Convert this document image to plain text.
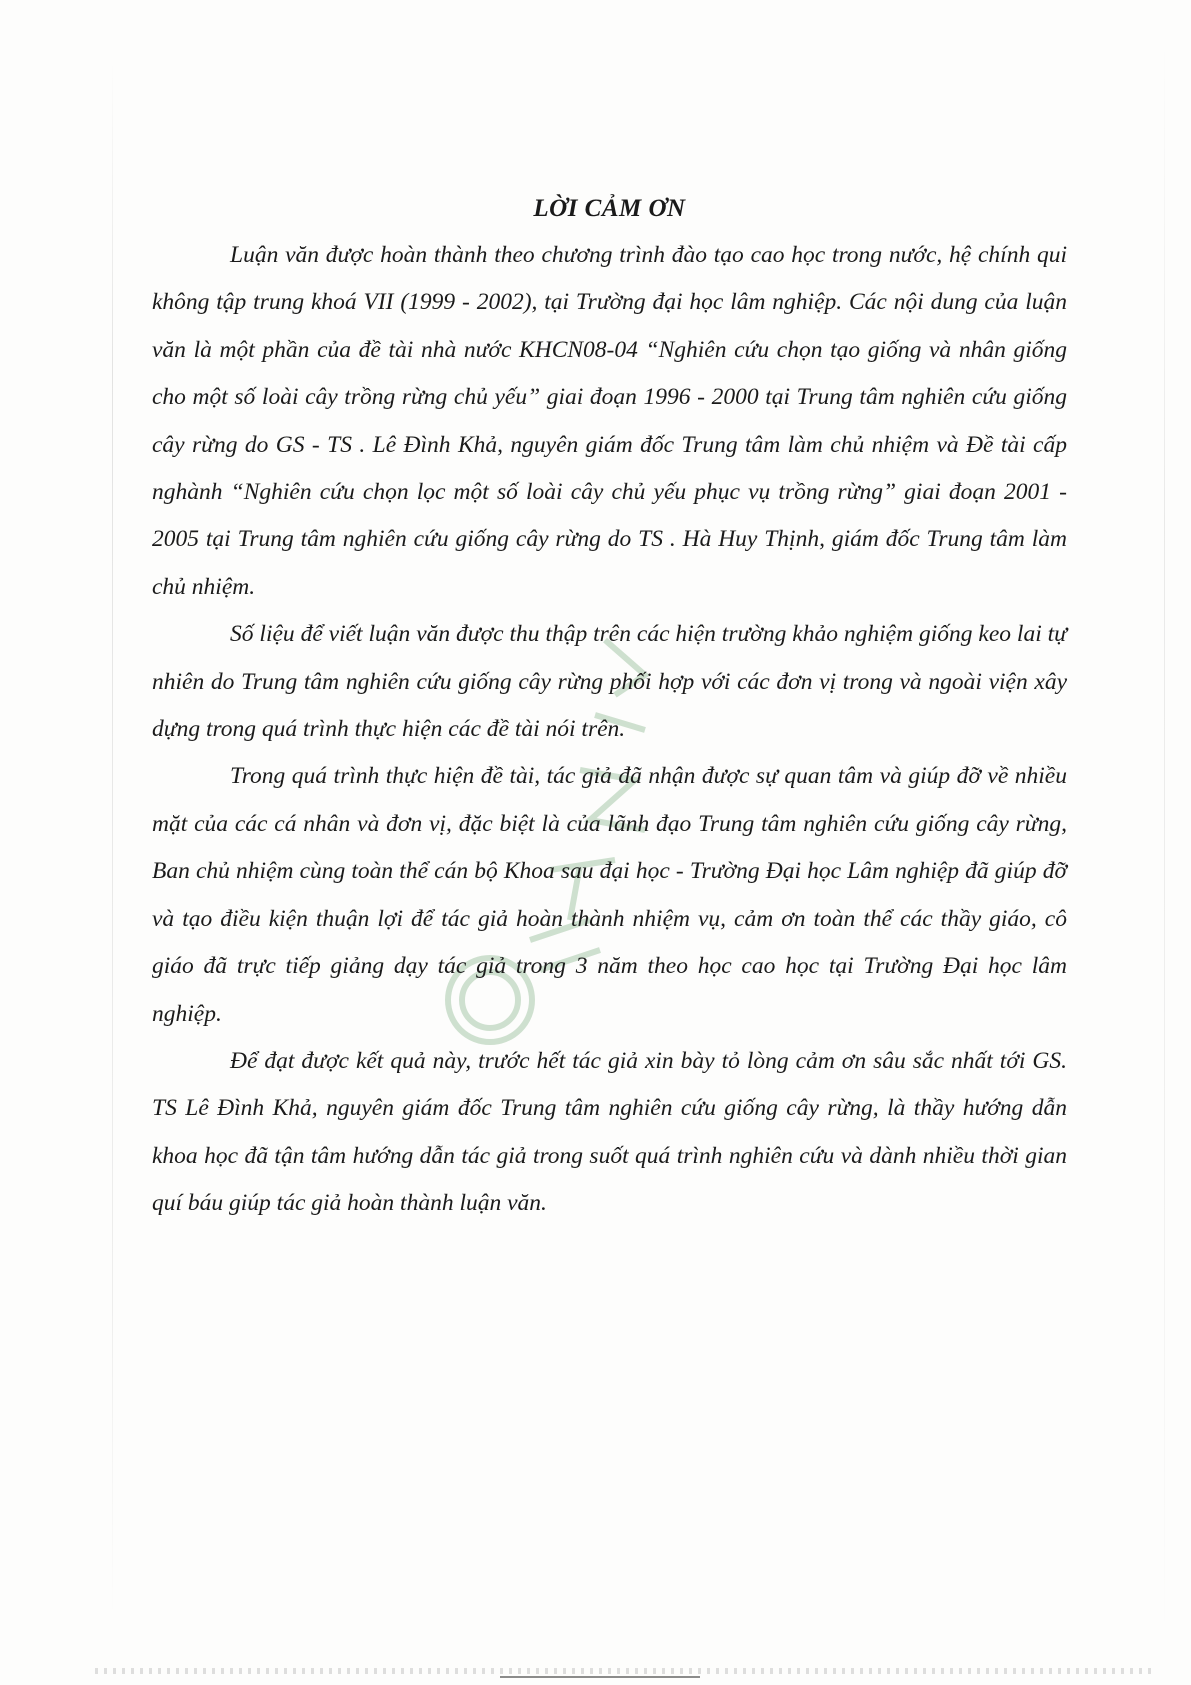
LỜI CẢM ƠN

Luận văn được hoàn thành theo chương trình đào tạo cao học trong nước, hệ chính qui không tập trung khoá VII (1999 - 2002), tại Trường đại học lâm nghiệp. Các nội dung của luận văn là một phần của đề tài nhà nước KHCN08-04 “Nghiên cứu chọn tạo giống và nhân giống cho một số loài cây trồng rừng chủ yếu” giai đoạn 1996 - 2000 tại Trung tâm nghiên cứu giống cây rừng do GS - TS . Lê Đình Khả, nguyên giám đốc Trung tâm làm chủ nhiệm và Đề tài cấp nghành “Nghiên cứu chọn lọc một số loài cây chủ yếu phục vụ trồng rừng” giai đoạn 2001 - 2005 tại Trung tâm nghiên cứu giống cây rừng do TS . Hà Huy Thịnh, giám đốc Trung tâm làm chủ nhiệm.

Số liệu để viết luận văn được thu thập trên các hiện trường khảo nghiệm giống keo lai tự nhiên do Trung tâm nghiên cứu giống cây rừng phối hợp với các đơn vị trong và ngoài viện xây dựng trong quá trình thực hiện các đề tài nói trên.

Trong quá trình thực hiện đề tài, tác giả đã nhận được sự quan tâm và giúp đỡ về nhiều mặt của các cá nhân và đơn vị, đặc biệt là của lãnh đạo Trung tâm nghiên cứu giống cây rừng, Ban chủ nhiệm cùng toàn thể cán bộ Khoa sau đại học - Trường Đại học Lâm nghiệp đã giúp đỡ và tạo điều kiện thuận lợi để tác giả hoàn thành nhiệm vụ, cảm ơn toàn thể các thầy giáo, cô giáo đã trực tiếp giảng dạy tác giả trong 3 năm theo học cao học tại Trường Đại học lâm nghiệp.

Để đạt được kết quả này, trước hết tác giả xin bày tỏ lòng cảm ơn sâu sắc nhất tới GS. TS Lê Đình Khả, nguyên giám đốc Trung tâm nghiên cứu giống cây rừng, là thầy hướng dẫn khoa học đã tận tâm hướng dẫn tác giả trong suốt quá trình nghiên cứu và dành nhiều thời gian quí báu giúp tác giả hoàn thành luận văn.
